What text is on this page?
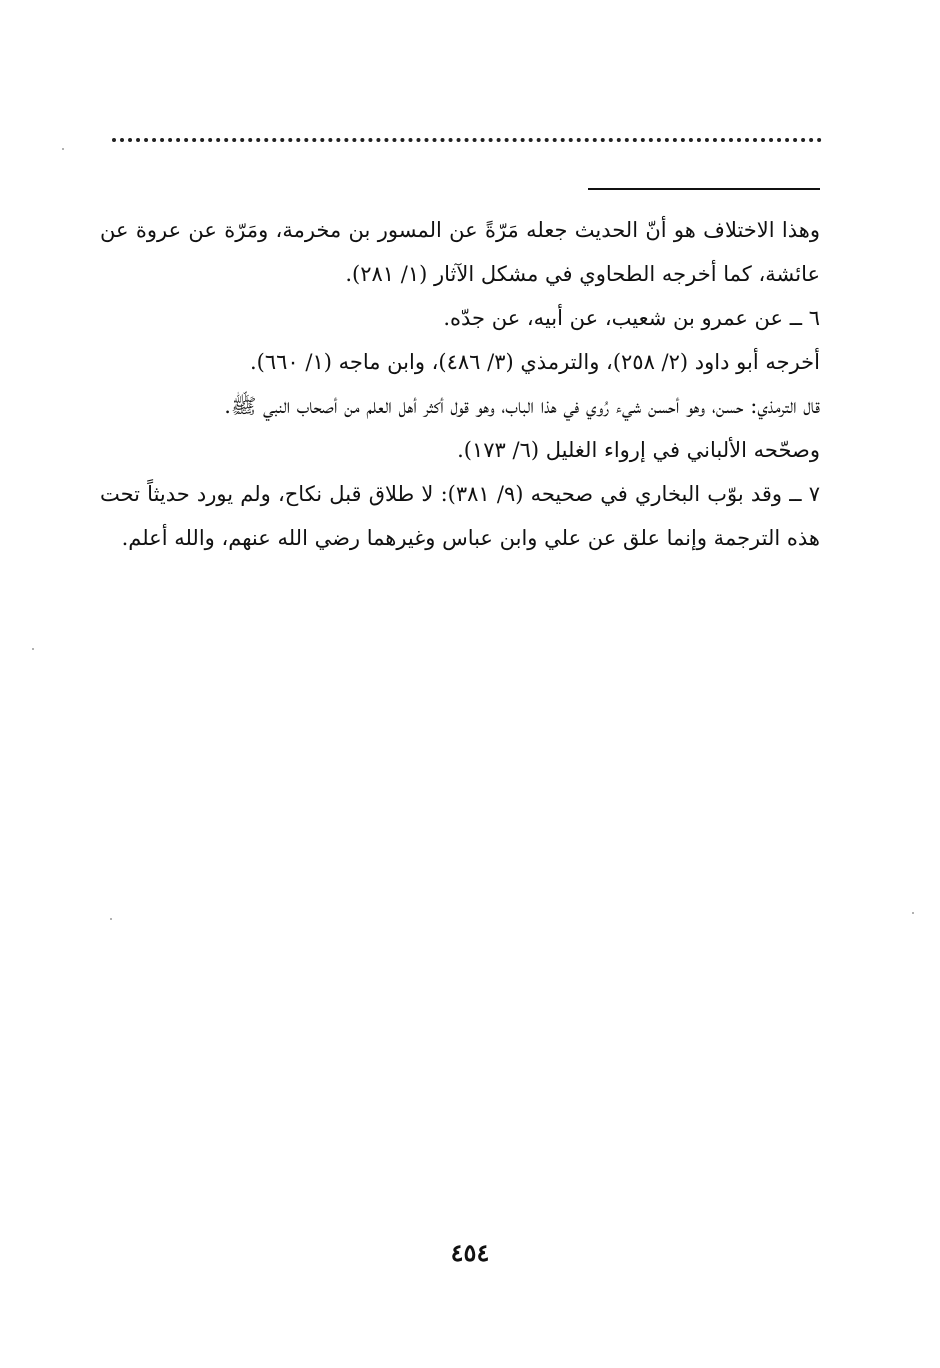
وهذا الاختلاف هو أنّ الحديث جعله مَرّةً عن المسور بن مخرمة، ومَرّة عن عروة عن عائشة، كما أخرجه الطحاوي في مشكل الآثار (١/ ٢٨١).

٦ ــ عن عمرو بن شعيب، عن أبيه، عن جدّه.

أخرجه أبو داود (٢/ ٢٥٨)، والترمذي (٣/ ٤٨٦)، وابن ماجه (١/ ٦٦٠).

قال الترمذي: حسن، وهو أحسن شيء رُوي في هذا الباب، وهو قول أكثر أهل العلم من أصحاب النبي ﷺ.

وصحّحه الألباني في إرواء الغليل (٦/ ١٧٣).

٧ ــ وقد بوّب البخاري في صحيحه (٩/ ٣٨١): لا طلاق قبل نكاح، ولم يورد حديثاً تحت هذه الترجمة وإنما علق عن علي وابن عباس وغيرهما رضي الله عنهم، والله أعلم.

٤٥٤
